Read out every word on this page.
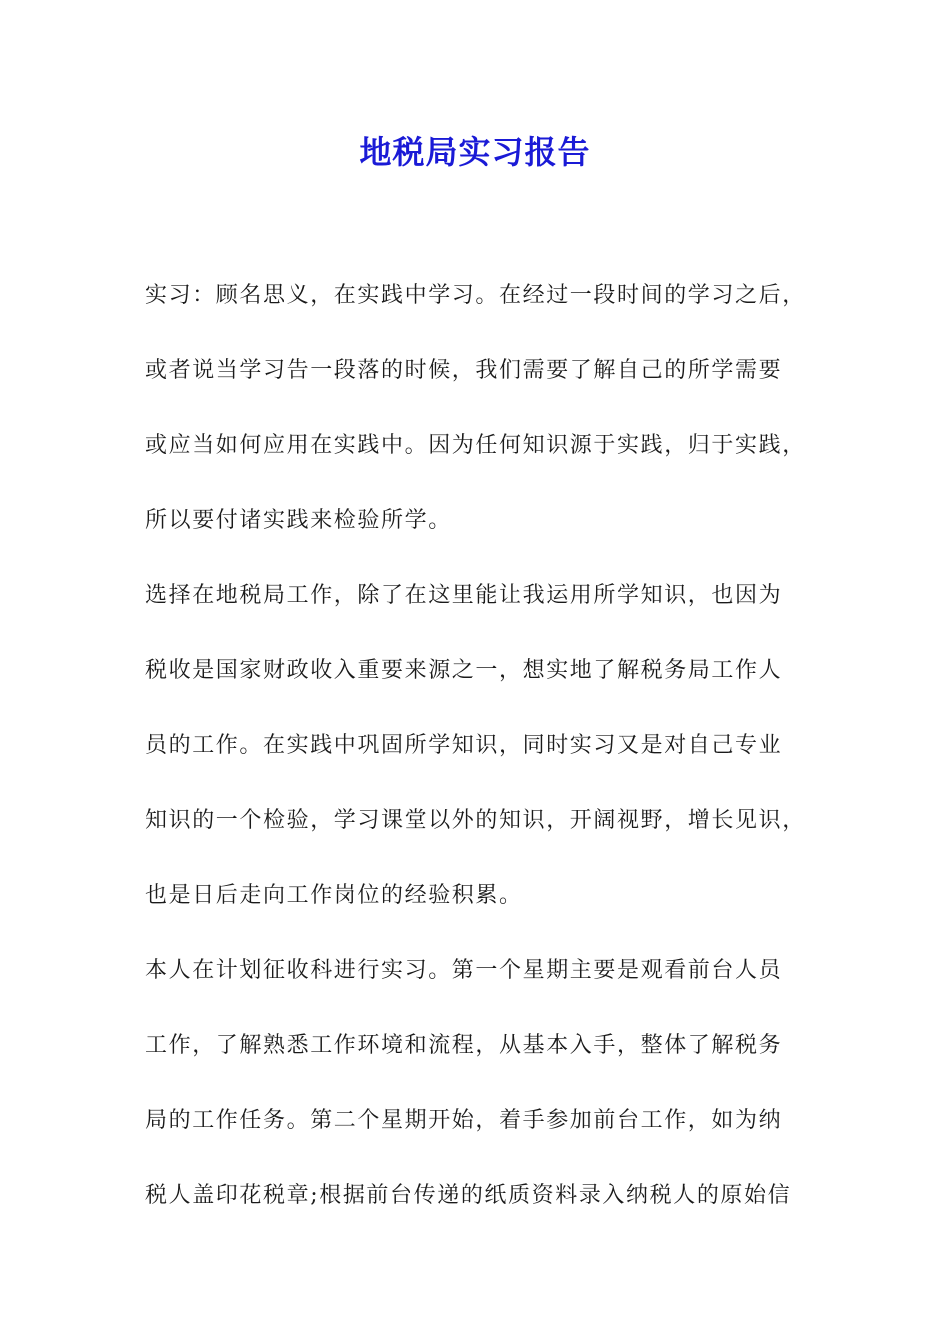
地税局实习报告
实习：顾名思义，在实践中学习。在经过一段时间的学习之后，
或者说当学习告一段落的时候，我们需要了解自己的所学需要
或应当如何应用在实践中。因为任何知识源于实践，归于实践，
所以要付诸实践来检验所学。
选择在地税局工作，除了在这里能让我运用所学知识，也因为
税收是国家财政收入重要来源之一，想实地了解税务局工作人
员的工作。在实践中巩固所学知识，同时实习又是对自己专业
知识的一个检验，学习课堂以外的知识，开阔视野，增长见识，
也是日后走向工作岗位的经验积累。
本人在计划征收科进行实习。第一个星期主要是观看前台人员
工作，了解熟悉工作环境和流程，从基本入手，整体了解税务
局的工作任务。第二个星期开始，着手参加前台工作，如为纳
税人盖印花税章;根据前台传递的纸质资料录入纳税人的原始信
